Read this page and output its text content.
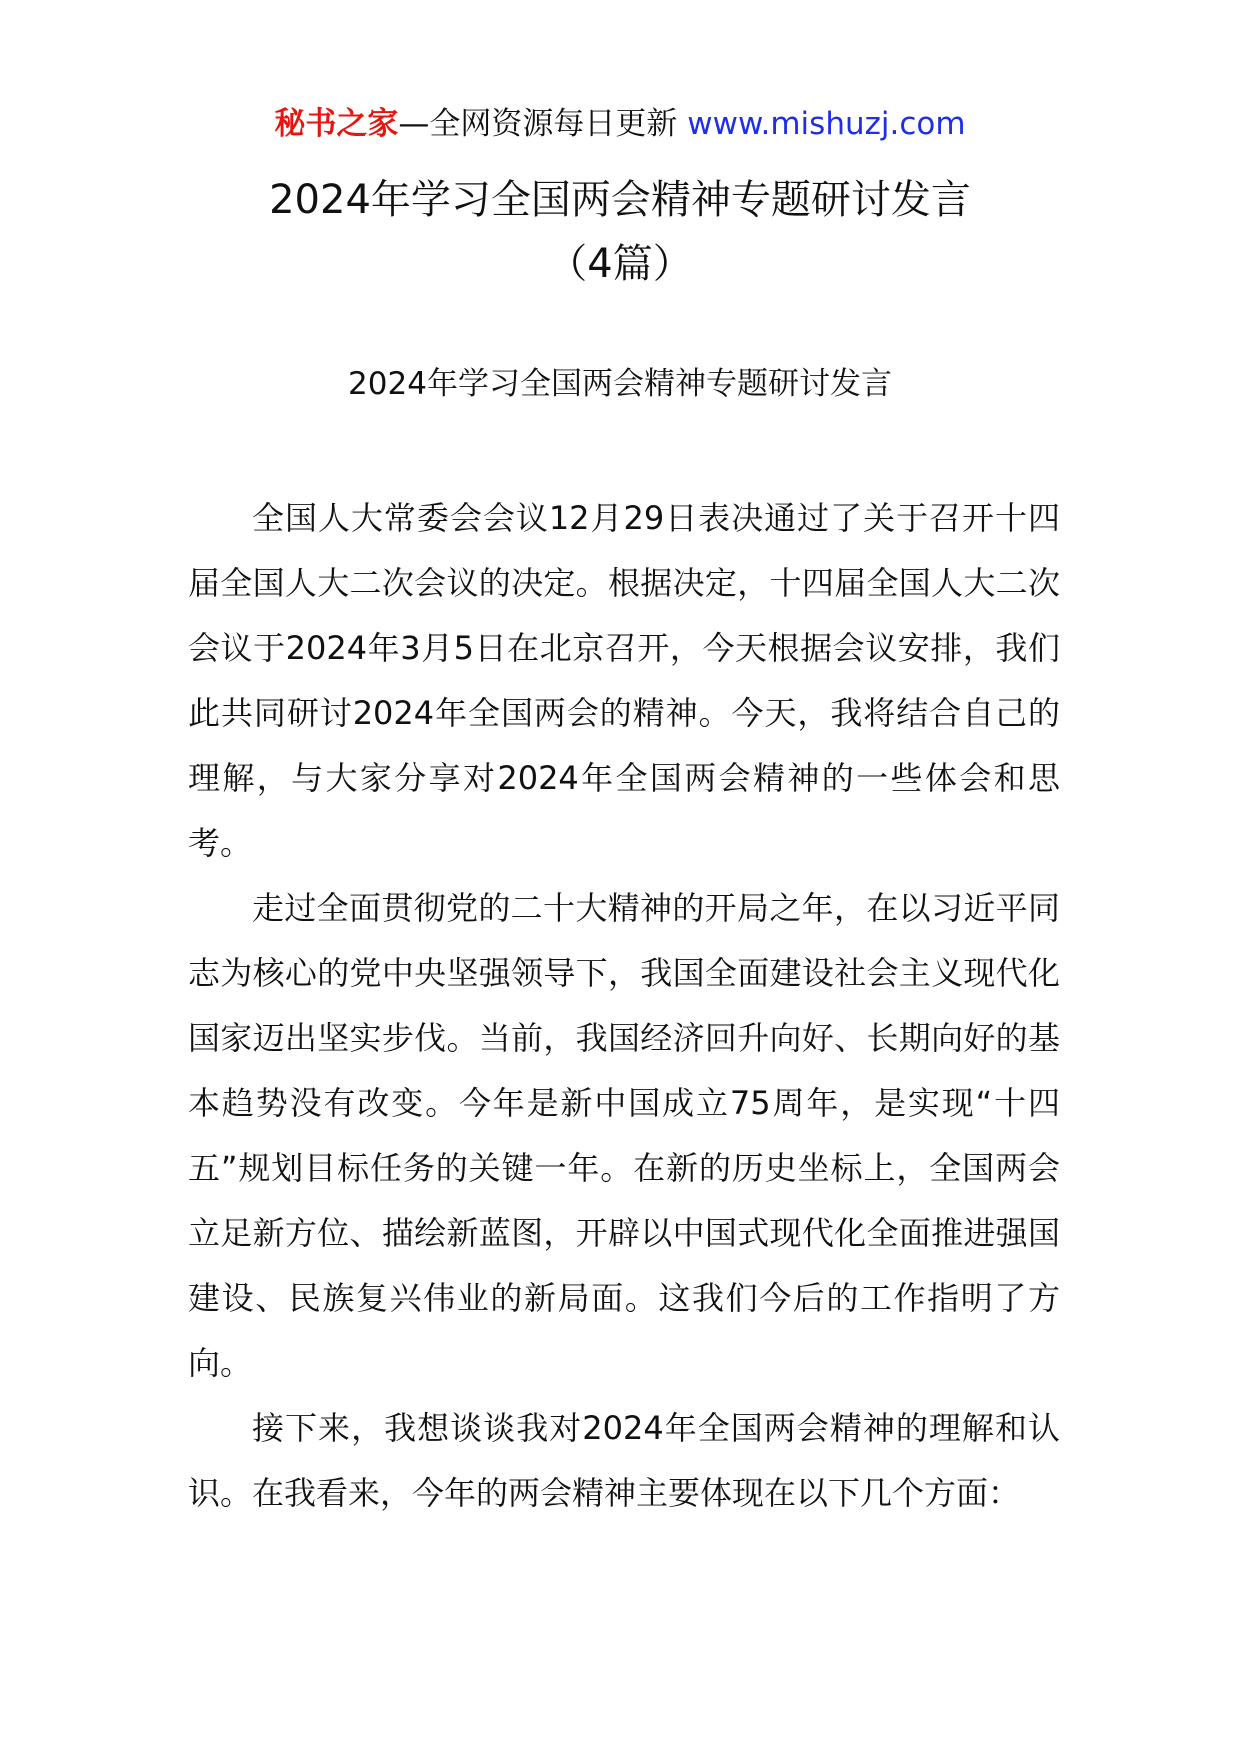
秘书之家—全网资源每日更新 www.mishuzj.com
2024年学习全国两会精神专题研讨发言
（4篇）
2024年学习全国两会精神专题研讨发言

全国人大常委会会议12月29日表决通过了关于召开十四届全国人大二次会议的决定。根据决定，十四届全国人大二次会议于2024年3月5日在北京召开，今天根据会议安排，我们此共同研讨2024年全国两会的精神。今天，我将结合自己的理解，与大家分享对2024年全国两会精神的一些体会和思考。

走过全面贯彻党的二十大精神的开局之年，在以习近平同志为核心的党中央坚强领导下，我国全面建设社会主义现代化国家迈出坚实步伐。当前，我国经济回升向好、长期向好的基本趋势没有改变。今年是新中国成立75周年，是实现“十四五”规划目标任务的关键一年。在新的历史坐标上，全国两会立足新方位、描绘新蓝图，开辟以中国式现代化全面推进强国建设、民族复兴伟业的新局面。这我们今后的工作指明了方向。

接下来，我想谈谈我对2024年全国两会精神的理解和认识。在我看来，今年的两会精神主要体现在以下几个方面：
